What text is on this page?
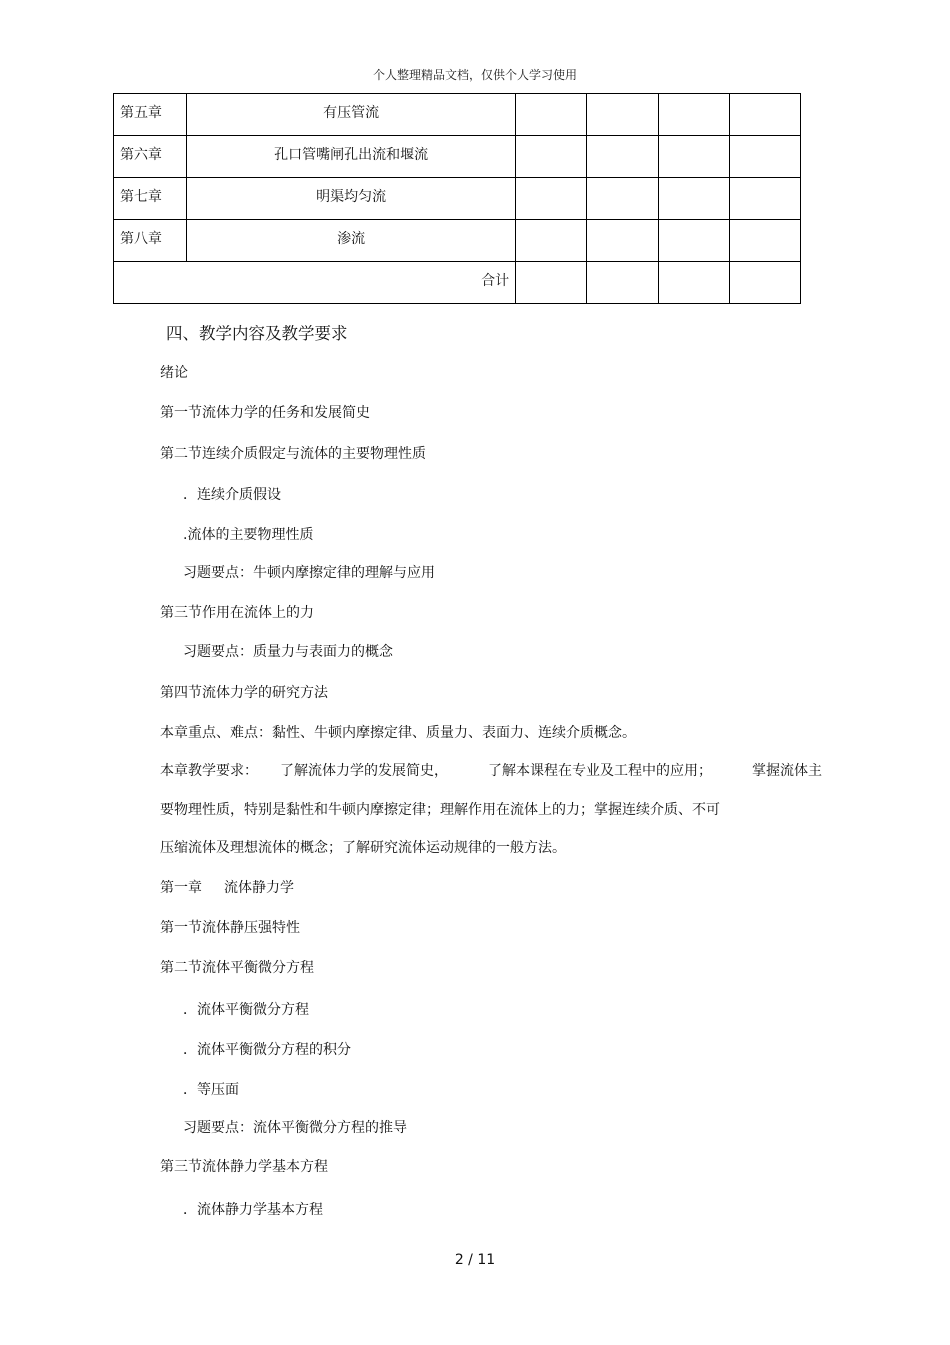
个人整理精品文档，仅供个人学习使用
第五章	有压管流				
第六章	孔口管嘴闸孔出流和堰流				
第七章	明渠均匀流				
第八章	渗流				
合计					
四、教学内容及教学要求
绪论
第一节流体力学的任务和发展简史
第二节连续介质假定与流体的主要物理性质
．连续介质假设
.流体的主要物理性质
习题要点：牛顿内摩擦定律的理解与应用
第三节作用在流体上的力
习题要点：质量力与表面力的概念
第四节流体力学的研究方法
本章重点、难点：黏性、牛顿内摩擦定律、质量力、表面力、连续介质概念。
本章教学要求： 了解流体力学的发展简史，	了解本课程在专业及工程中的应用；	掌握流体主
要物理性质，特别是黏性和牛顿内摩擦定律；理解作用在流体上的力；掌握连续介质、不可
压缩流体及理想流体的概念；了解研究流体运动规律的一般方法。
第一章 流体静力学
第一节流体静压强特性
第二节流体平衡微分方程
．流体平衡微分方程
．流体平衡微分方程的积分
．等压面
习题要点：流体平衡微分方程的推导
第三节流体静力学基本方程
．流体静力学基本方程
2 / 11
